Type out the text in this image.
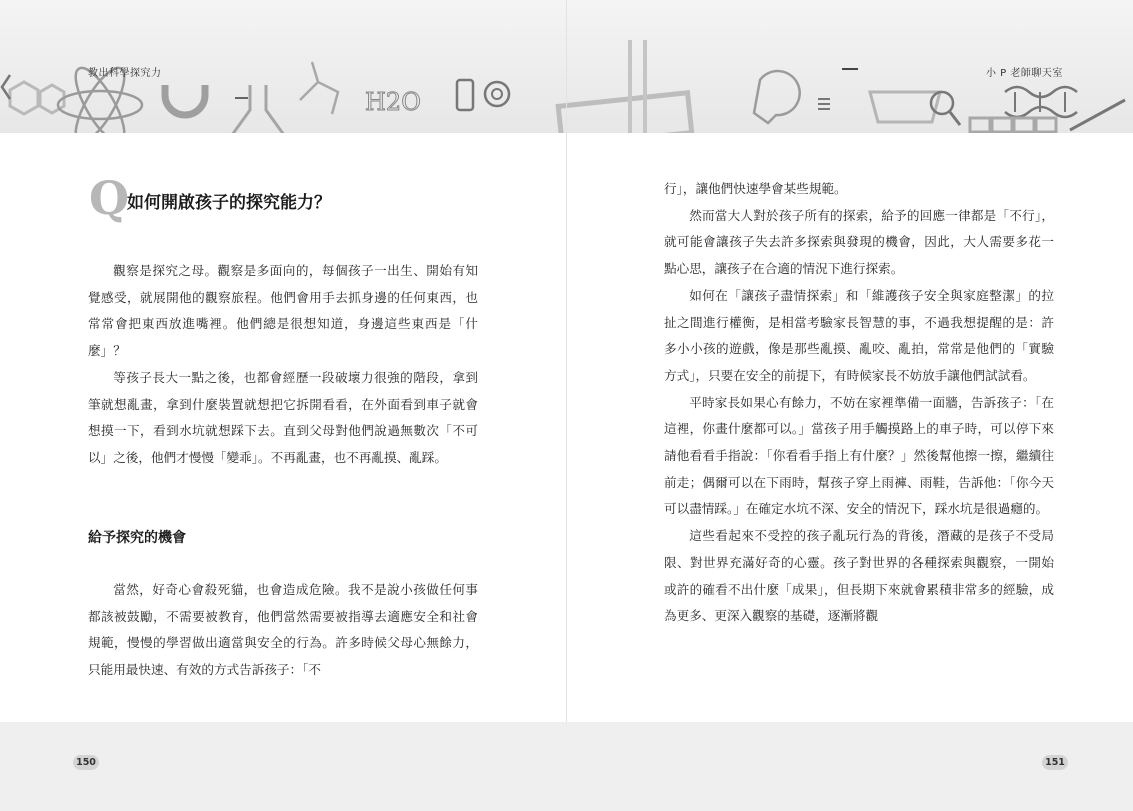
H2O
教出科學探究力	小 P 老師聊天室
Q
如何開啟孩子的探究能力？

觀察是探究之母。觀察是多面向的，每個孩子一出生、開始有知覺感受，就展開他的觀察旅程。他們會用手去抓身邊的任何東西，也常常會把東西放進嘴裡。他們總是很想知道，身邊這些東西是「什麼」？

等孩子長大一點之後，也都會經歷一段破壞力很強的階段，拿到筆就想亂畫，拿到什麼裝置就想把它拆開看看，在外面看到車子就會想摸一下，看到水坑就想踩下去。直到父母對他們說過無數次「不可以」之後，他們才慢慢「變乖」。不再亂畫，也不再亂摸、亂踩。

給予探究的機會

當然，好奇心會殺死貓，也會造成危險。我不是說小孩做任何事都該被鼓勵，不需要被教育，他們當然需要被指導去適應安全和社會規範，慢慢的學習做出適當與安全的行為。許多時候父母心無餘力，只能用最快速、有效的方式告訴孩子：「不

行」，讓他們快速學會某些規範。

然而當大人對於孩子所有的探索，給予的回應一律都是「不行」，就可能會讓孩子失去許多探索與發現的機會，因此，大人需要多花一點心思，讓孩子在合適的情況下進行探索。

如何在「讓孩子盡情探索」和「維護孩子安全與家庭整潔」的拉扯之間進行權衡，是相當考驗家長智慧的事，不過我想提醒的是：許多小小孩的遊戲，像是那些亂摸、亂咬、亂拍，常常是他們的「實驗方式」，只要在安全的前提下，有時候家長不妨放手讓他們試試看。

平時家長如果心有餘力，不妨在家裡準備一面牆，告訴孩子：「在這裡，你畫什麼都可以。」當孩子用手觸摸路上的車子時，可以停下來請他看看手指說：「你看看手指上有什麼？」然後幫他擦一擦，繼續往前走；偶爾可以在下雨時，幫孩子穿上雨褲、雨鞋，告訴他：「你今天可以盡情踩。」在確定水坑不深、安全的情況下，踩水坑是很過癮的。

這些看起來不受控的孩子亂玩行為的背後，潛藏的是孩子不受局限、對世界充滿好奇的心靈。孩子對世界的各種探索與觀察，一開始或許的確看不出什麼「成果」，但長期下來就會累積非常多的經驗，成為更多、更深入觀察的基礎，逐漸將觀

150	151
